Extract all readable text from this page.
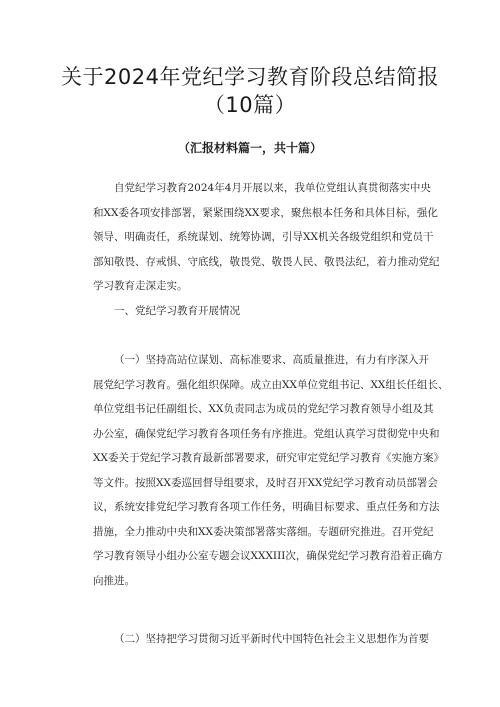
关于2024年党纪学习教育阶段总结简报
（10篇）
（汇报材料篇一，共十篇）
自党纪学习教育2024年4月开展以来，我单位党组认真贯彻落实中央
和XX委各项安排部署，紧紧围绕XX要求，聚焦根本任务和具体目标，强化
领导、明确责任，系统谋划、统筹协调，引导XX机关各级党组织和党员干
部知敬畏、存戒惧、守底线，敬畏党、敬畏人民、敬畏法纪，着力推动党纪
学习教育走深走实。
一、党纪学习教育开展情况
（一）坚持高站位谋划、高标准要求、高质量推进，有力有序深入开
展党纪学习教育。强化组织保障。成立由XX单位党组书记、XX组长任组长、
单位党组书记任副组长、XX负责同志为成员的党纪学习教育领导小组及其
办公室，确保党纪学习教育各项任务有序推进。党组认真学习贯彻党中央和
XX委关于党纪学习教育最新部署要求，研究审定党纪学习教育《实施方案》
等文件。按照XX委巡回督导组要求，及时召开XX党纪学习教育动员部署会
议，系统安排党纪学习教育各项工作任务，明确目标要求、重点任务和方法
措施，全力推动中央和XX委决策部署落实落细。专题研究推进。召开党纪
学习教育领导小组办公室专题会议XXXIII次，确保党纪学习教育沿着正确方
向推进。
（二）坚持把学习贯彻习近平新时代中国特色社会主义思想作为首要
